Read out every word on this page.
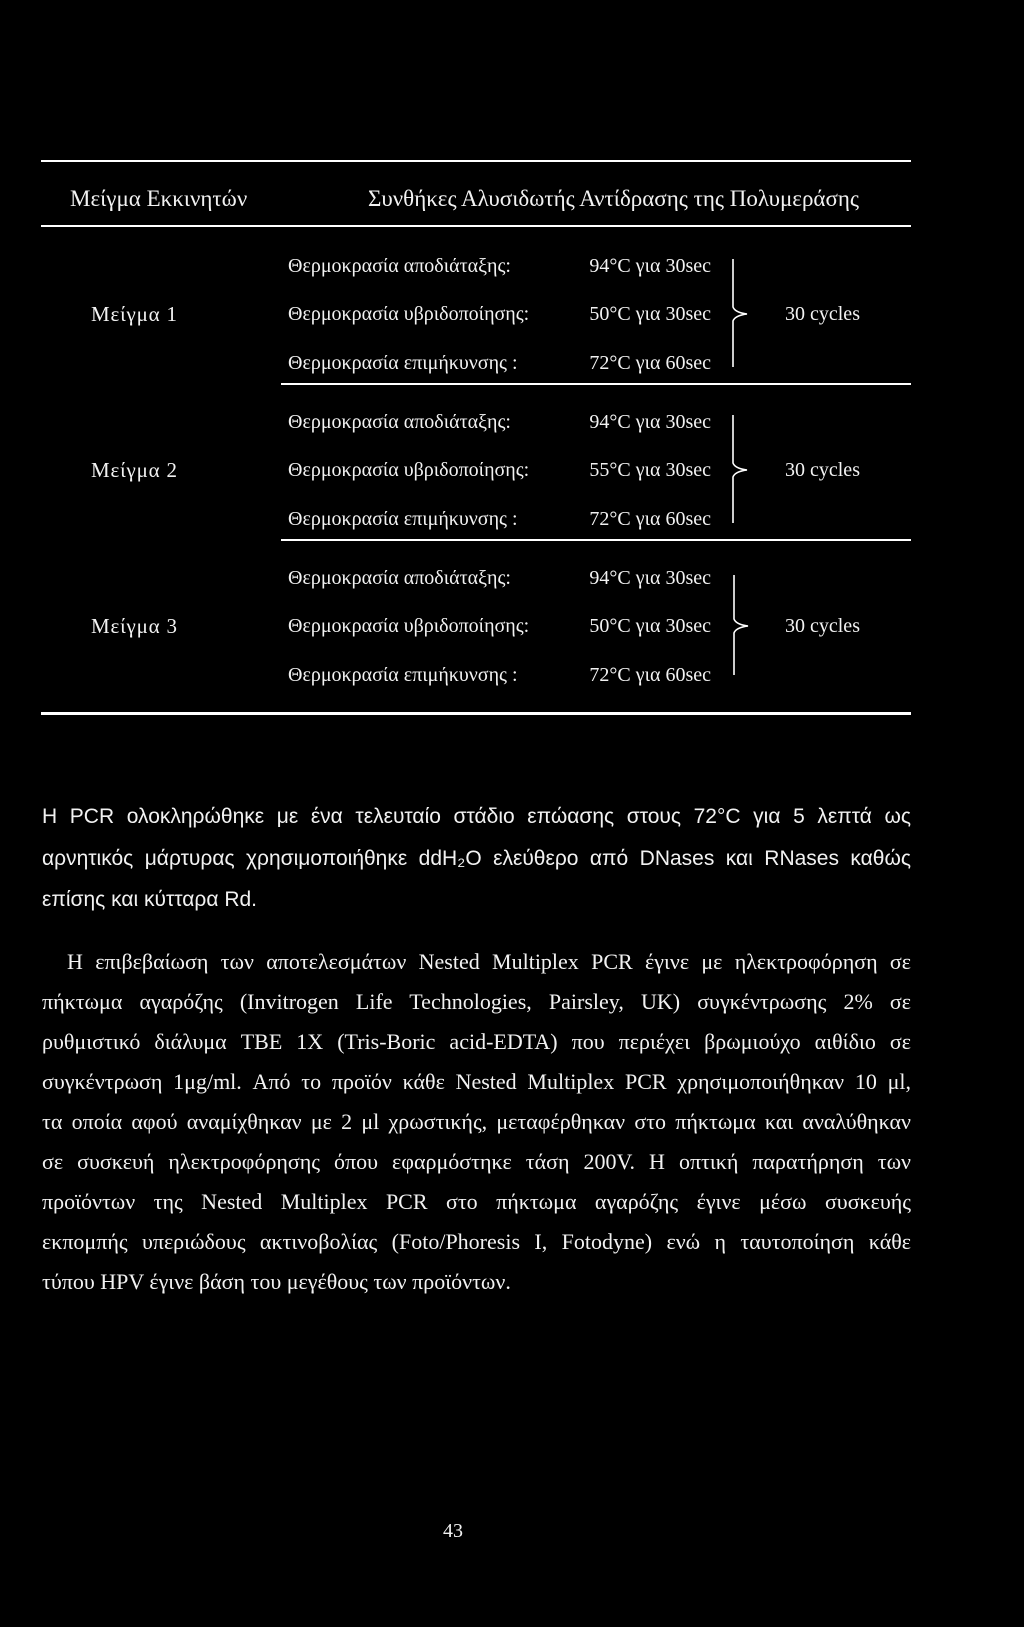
Μείγμα Εκκινητών	Συνθήκες Αλυσιδωτής Αντίδρασης της Πολυμεράσης
Μείγμα 1
Θερμοκρασία αποδιάταξης:	94°C για 30sec
Θερμοκρασία υβριδοποίησης:	50°C για 30sec
Θερμοκρασία επιμήκυνσης :	72°C για 60sec
30 cycles
Μείγμα 2
Θερμοκρασία αποδιάταξης:	94°C για 30sec
Θερμοκρασία υβριδοποίησης:	55°C για 30sec
Θερμοκρασία επιμήκυνσης :	72°C για 60sec
30 cycles
Μείγμα 3
Θερμοκρασία αποδιάταξης:	94°C για 30sec
Θερμοκρασία υβριδοποίησης:	50°C για 30sec
Θερμοκρασία επιμήκυνσης :	72°C για 60sec
30 cycles
Η PCR ολοκληρώθηκε με ένα τελευταίο στάδιο επώασης στους 72°C για 5 λεπτά ως
αρνητικός μάρτυρας χρησιμοποιήθηκε ddH₂O ελεύθερο από DNases και RNases καθώς
επίσης και κύτταρα Rd.
Η επιβεβαίωση των αποτελεσμάτων Nested Multiplex PCR έγινε με ηλεκτροφόρηση σε
πήκτωμα αγαρόζης (Invitrogen Life Technologies, Pairsley, UK) συγκέντρωσης 2% σε
ρυθμιστικό διάλυμα TBE 1X (Tris-Boric acid-EDTA) που περιέχει βρωμιούχο αιθίδιο σε
συγκέντρωση 1μg/ml. Από το προϊόν κάθε Nested Multiplex PCR χρησιμοποιήθηκαν 10 μl,
τα οποία αφού αναμίχθηκαν με 2 μl χρωστικής, μεταφέρθηκαν στο πήκτωμα και αναλύθηκαν
σε συσκευή ηλεκτροφόρησης όπου εφαρμόστηκε τάση 200V. Η οπτική παρατήρηση των
προϊόντων της Nested Multiplex PCR στο πήκτωμα αγαρόζης έγινε μέσω συσκευής
εκπομπής υπεριώδους ακτινοβολίας (Foto/Phoresis I, Fotodyne) ενώ η ταυτοποίηση κάθε
τύπου HPV έγινε βάση του μεγέθους των προϊόντων.
43
